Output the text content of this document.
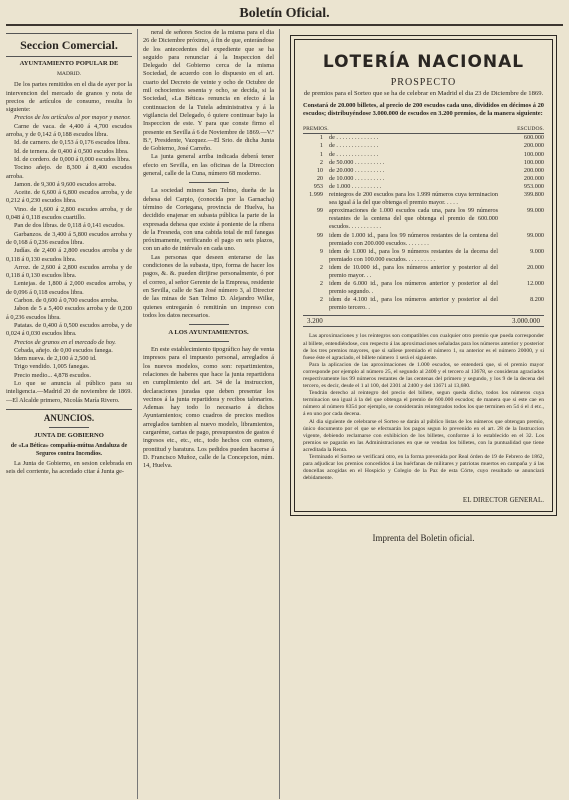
Boletín Oficial.
Seccion Comercial.
AYUNTAMIENTO POPULAR DE
MADRID.

De los partes remitidos en el dia de ayer por la intervencion del mercado de granos y nota de precios de artículos de consumo, resulta lo siguiente:

Precios de los artículos al por mayor y menor.

Carne de vaca. de 4,400 á 4,700 escudos arroba, y de 0,142 á 0,188 escudos libra.

Id. de carnero. de 0,153 á 0,176 escudos libra.

Id. de ternera. de 0,400 á 0,500 escudos libra.

Id. de cordero. de 0,000 á 0,000 escudos libra.

Tocino añejo. de 8,300 á 8,400 escudos arroba.

Jamon. de 9,300 á 9,600 escudos arroba.

Aceite. de 6,600 á 6,800 escudos arroba, y de 0,212 á 0,230 escudos libra.

Vino. de 1,600 á 2,800 escudos arroba, y de 0,048 á 0,118 escudos cuartillo.

Pan de dos libras. de 0,118 á 0,141 escudos.

Garbanzos. de 3,400 á 5,800 escudos arroba y de 0,168 á 0,236 escudos libra.

Judías. de 2,400 á 2,800 escudos arroba y de 0,118 á 0,130 escudos libra.

Arroz. de 2,600 á 2,800 escudos arroba y de 0,118 á 0,130 escudos libra.

Lentejas. de 1,800 á 2,000 escudos arroba, y de 0,096 á 0,118 escudos libra.

Carbon. de 0,600 á 0,700 escudos arroba.

Jabon de 5 a 5,400 escudos arroba y de 0,200 á 0,236 escudos libra.

Patatas. de 0,400 á 0,500 escudos arroba, y de 0,024 á 0,030 escudos libra.

Precios de granos en el mercado de hoy.

Cebada, añejo. de 0,00 escudos fanega.

Idem nueva. de 2,100 á 2,500 id.

Trigo vendido. 1,005 fanegas.

Precio medio... 4,878 escudos.

Lo que se anuncia al público para su inteligencia.—Madrid 20 de noviembre de 1869.—El Alcalde primero, Nicolás María Rivero.

ANUNCIOS.
JUNTA DE GOBIERNO
de «La Bética» compañía-mútua Andaluza de Seguros contra Incendios.

La Junta de Gobierno, en sesion celebrada en seis del corriente, ha acordado citar á Junta ge-

neral de señores Socios de la misma para el dia 26 de Diciembre próximo, á fin de que, enterándose de los antecedentes del expediente que se ha seguido para renunciar á la Inspeccion del Delegado del Gobierno cerca de la misma Sociedad, de acuerdo con lo dispuesto en el art. cuarto del Decreto de veinte y ocho de Octubre de mil ochocientos sesenta y ocho, se decida, si la Sociedad, «La Bética» renuncia en efecto á la continuacion de la Tutela administrativa y á la vigilancia del Delegado, ó quiere continuar bajo la Inspeccion de este. Y para que conste firmo el presente en Sevilla á 6 de Noviembre de 1869.—V.º B.º, Presidente, Vazquez.—El Srio. de dicha Junta de Gobierno, José Carreño.

La junta general arriba indicada deberá tener efecto en Sevilla, en las oficinas de la Direccion general, calle de la Cuna, número 68 moderno.

La sociedad minera San Telmo, dueña de la dehesa del Carpio, (conocida por la Garnacha) término de Cortegana, provincia de Huelva, ha decidido enajenar en subasta pública la parte de la expresada dehesa que existe á poniente de la ribera de la Fresneda, con una cabida total de mil fanegas próximamente, verificando el pago en seis plazos, con un año de intérvalo en cada uno.

Las personas que deseen enterarse de las condiciones de la subasta, tipo, forma de hacer los pagos, &. &. pueden dirijirse personalmente, ó por el correo, al señor Gerente de la Empresa, residente en Sevilla, calle de San José número 3, al Director de las minas de San Telmo D. Alejandro Wilke, quienes entregarán ó remitirán un impreso con todos los datos necesarios.

A LOS AYUNTAMIENTOS.

En este establecimiento tipográfico hay de venta impresos para el impuesto personal, arreglados á los nuevos modelos, como son: repartimientos, relaciones de haberes que hace la junta repartidora en cumplimiento del art. 34 de la instruccion, declaraciones juradas que deben presentar los vecinos á la junta repartidora y recibos talonarios. Ademas hay todo lo necesario á dichos Ayuntamientos; como cuadros de precios medios arreglados tambien al nuevo modelo, libramientos, cargaréme, cartas de pago, presupuestos de gastos é ingresos etc., etc., etc., todo hechos con esmero, prontitud y baratura. Los pedidos pueden hacerse á D. Francisco Muñoz, calle de la Concepcion, núm. 14, Huelva.

LOTERÍA NACIONAL
PROSPECTO
de premios para el Sorteo que se ha de celebrar en Madrid el dia 23 de Diciembre de 1869.
Constará de 20.000 billetes, al precio de 200 escudos cada uno, divididos en décimos á 20 escudos; distribuyéndose 3.000.000 de escudos en 3.200 premios, de la manera siguiente:
PREMIOS.	ESCUDOS.
1 de . . . . . . . . . . . . . .	600.000
1 de . . . . . . . . . . . . . .	200.000
1 de . . . . . . . . . . . . . .	100.000
2 de 50.000 . . . . . . . . . .	100.000
10 de 20.000 . . . . . . . . . .	200.000
20 de 10.000 . . . . . . . . . .	200.000
953 de 1.000 . . . . . . . . . .	953.000
1.999 reintegros de 200 escudos para los 1.999 números cuya terminacion sea igual á la del que obtenga el premio mayor. . . . .
399.800
99 aproximaciones de 1.000 escudos cada una, para los 99 números restantes de la centena del que obtenga el premio de 600.000 escudos. . . . . . . . . . .
99.000
99 idem de 1.000 id., para los 99 números restantes de la centena del premiado con 200.000 escudos. . . . . . . .
99.000
9 idem de 1.000 id., para los 9 números restantes de la decena del premiado con 100.000 escudos. . . . . . . . . .
9.000
2 idem de 10.000 id., para los números anterior y posterior al del premio mayor. . .
20.000
2 idem de 6.000 id., para los números anterior y posterior al del premio segundo. .
12.000
2 idem de 4.100 id., para los números anterior y posterior al del premio tercero. .
8.200
3.200	3.000.000

Las aproximaciones y los reintegros son compatibles con cualquier otro premio que pueda corresponder al billete, entendiéndose, con respecto á las aproximaciones señaladas para los números anterior y posterior de los tres premios mayores, que si saliese premiado el número 1, su anterior es el número 20000, y si fuese éste el agraciado, el billete número 1 será el siguiente.

Para la aplicacion de las aproximaciones de 1.000 escudos, se entenderá que, si el premio mayor corresponde por ejemplo al número 25, el segundo al 2400 y el tercero al 13678, se consideran agraciados respectivamente los 99 números restantes de las centenas del primero y segundo, y los 9 de la decena del tercero, es decir, desde el 1 al 100, del 2301 al 2400 y del 13671 al 13,680.

Tendrán derecho al reintegro del precio del billete, segun queda dicho, todos los números cuya terminacion sea igual á la del que obtenga el premio de 600.000 escudos; de manera que si este cae en número al número 8354 por ejemplo, se considerarán reintegrados todos los que terminen en 54 ó el 4 etc., á en uno por cada decena.

Al dia siguiente de celebrarse el Sorteo se darán al público listas de los números que obtengan premio, único documento por el que se efectuarán los pagos segun lo prevenido en el art. 28 de la Instruccion vigente, debiendo reclamarse con exhibicion de los billetes, conforme á lo establecido en el 32. Los premios se pagarán en las Administraciones en que se vendan los billetes, con la puntualidad que tiene acreditada la Renta.

Terminado el Sorteo se verificará otro, en la forma prevenida por Real órden de 19 de Febrero de 1862, para adjudicar los premios concedidos á las huérfanas de militares y patriotas muertos en campaña y á las doncellas acogidas en el Hospicio y Colegio de la Paz de esta Córte, cuyo resultado se anunciará debidamente.

EL DIRECTOR GENERAL.
Imprenta del Boletin oficial.
